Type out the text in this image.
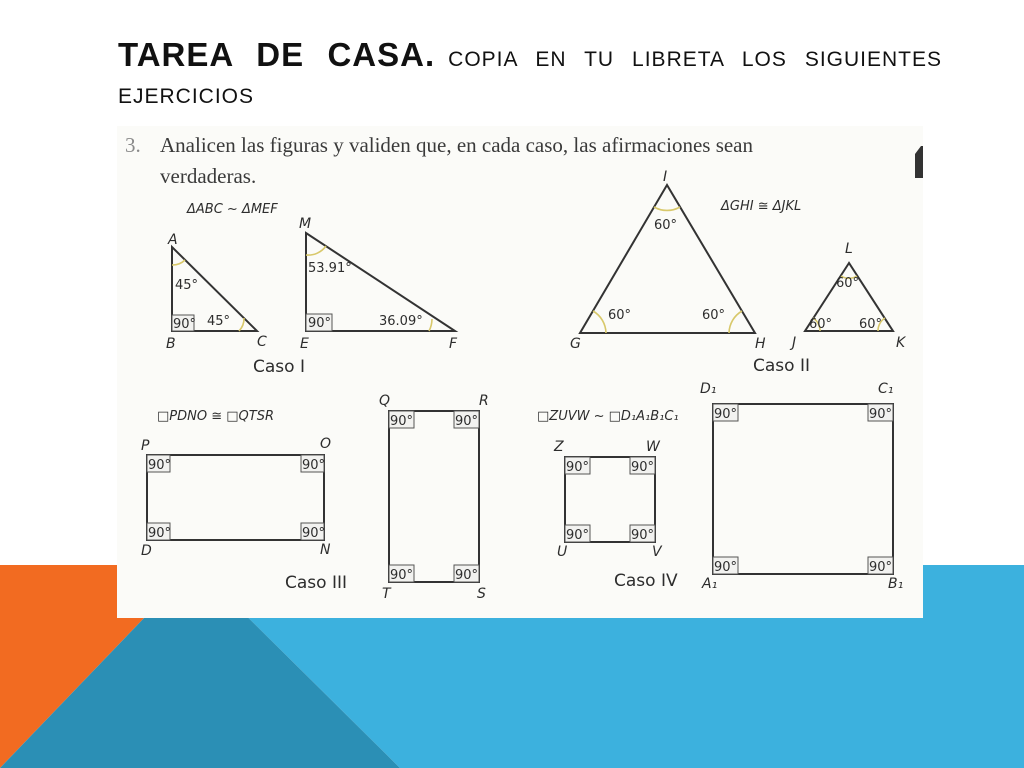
TAREA DE CASA. COPIA EN TU LIBRETA LOS SIGUIENTES EJERCICIOS
3. Analicen las figuras y validen que, en cada caso, las afirmaciones sean
verdaderas.
ΔABC ~ ΔMEF
90°
45°
45°
A
B	C
90°
53.91°
36.09°
M
E	F
Caso I
ΔGHI ≅ ΔJKL
60°
60°	60°
I
G	H
60°
60° 60°
L
J	K
Caso II
□PDNO ≅ □QTSR
90°	90°
90°	90°
P	O
D	N
90°	90°
90°	90°
Q	R
T	S
Caso III
□ZUVW ~ □D₁A₁B₁C₁
90°	90°
90°	90°
Z	W
U	V
90°	90°
90°	90°
D₁	C₁
A₁	B₁
Caso IV
